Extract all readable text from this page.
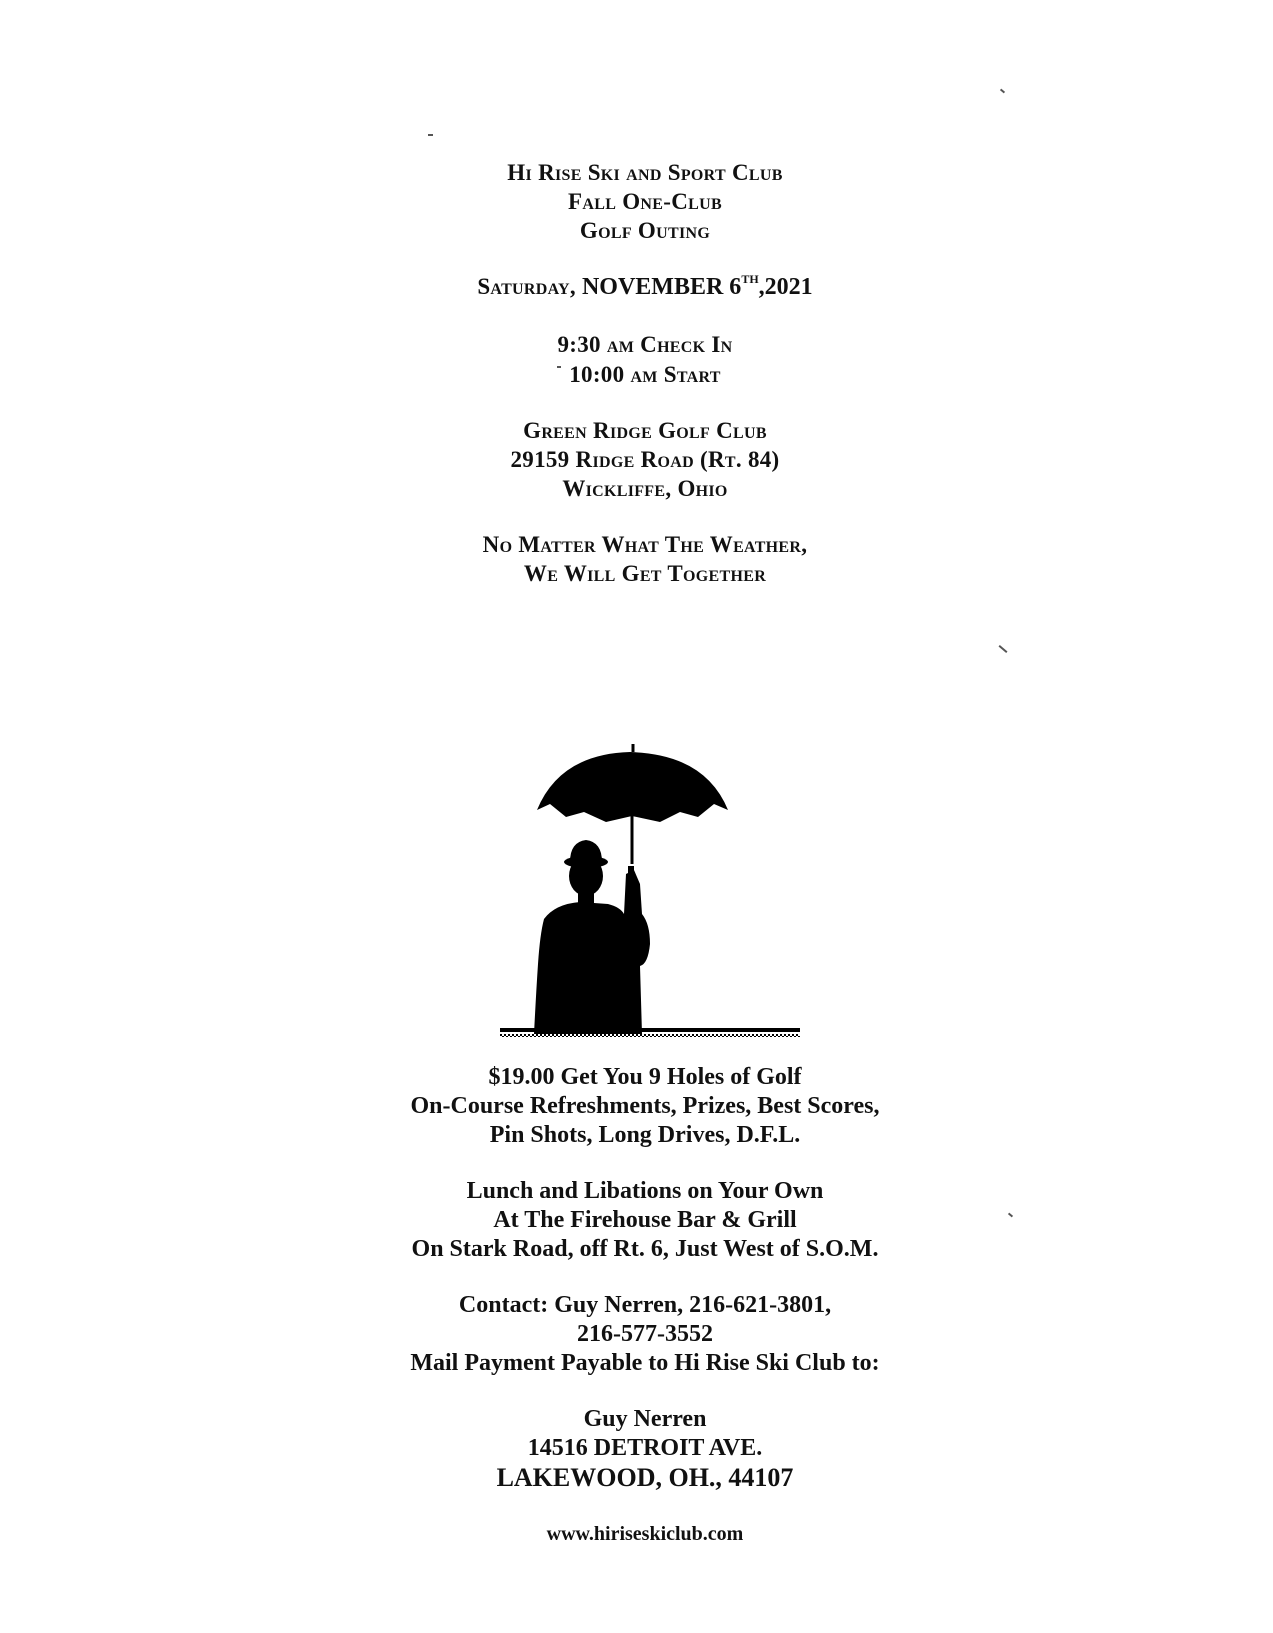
Hi Rise Ski and Sport Club
Fall One-Club
Golf Outing
Saturday, NOVEMBER 6TH,2021
9:30 am Check In
10:00 am Start
Green Ridge Golf Club
29159 Ridge Road (Rt. 84)
Wickliffe, Ohio
No Matter What The Weather,
We Will Get Together
$19.00 Get You 9 Holes of Golf
On-Course Refreshments, Prizes, Best Scores,
Pin Shots, Long Drives, D.F.L.
Lunch and Libations on Your Own
At The Firehouse Bar & Grill
On Stark Road, off Rt. 6, Just West of S.O.M.
Contact: Guy Nerren, 216-621-3801,
216-577-3552
Mail Payment Payable to Hi Rise Ski Club to:
Guy Nerren
14516 DETROIT AVE.
LAKEWOOD, OH., 44107
www.hiriseskiclub.com
